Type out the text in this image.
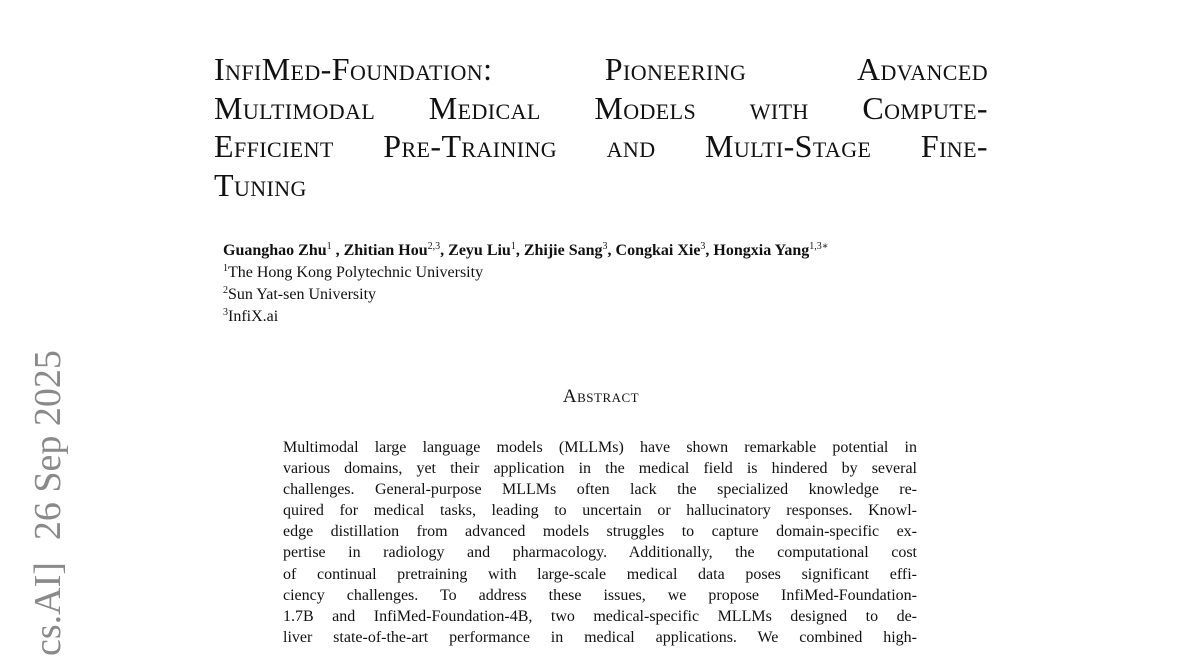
cs.AI]26 Sep 2025
InfiMed-Foundation: Pioneering Advanced
Multimodal Medical Models with Compute-
Efficient Pre-Training and Multi-Stage Fine-
Tuning
Guanghao Zhu$^1$ , Zhitian Hou$^{2,3}$, Zeyu Liu$^1$, Zhijie Sang$^3$, Congkai Xie$^3$, Hongxia Yang$^{1,3∗}$
$^1$The Hong Kong Polytechnic University
$^2$Sun Yat-sen University
$^3$InfiX.ai
Abstract
Multimodal large language models (MLLMs) have shown remarkable potential in
various domains, yet their application in the medical field is hindered by several
challenges. General-purpose MLLMs often lack the specialized knowledge re-
quired for medical tasks, leading to uncertain or hallucinatory responses. Knowl-
edge distillation from advanced models struggles to capture domain-specific ex-
pertise in radiology and pharmacology. Additionally, the computational cost
of continual pretraining with large-scale medical data poses significant effi-
ciency challenges. To address these issues, we propose InfiMed-Foundation-
1.7B and InfiMed-Foundation-4B, two medical-specific MLLMs designed to de-
liver state-of-the-art performance in medical applications. We combined high-
